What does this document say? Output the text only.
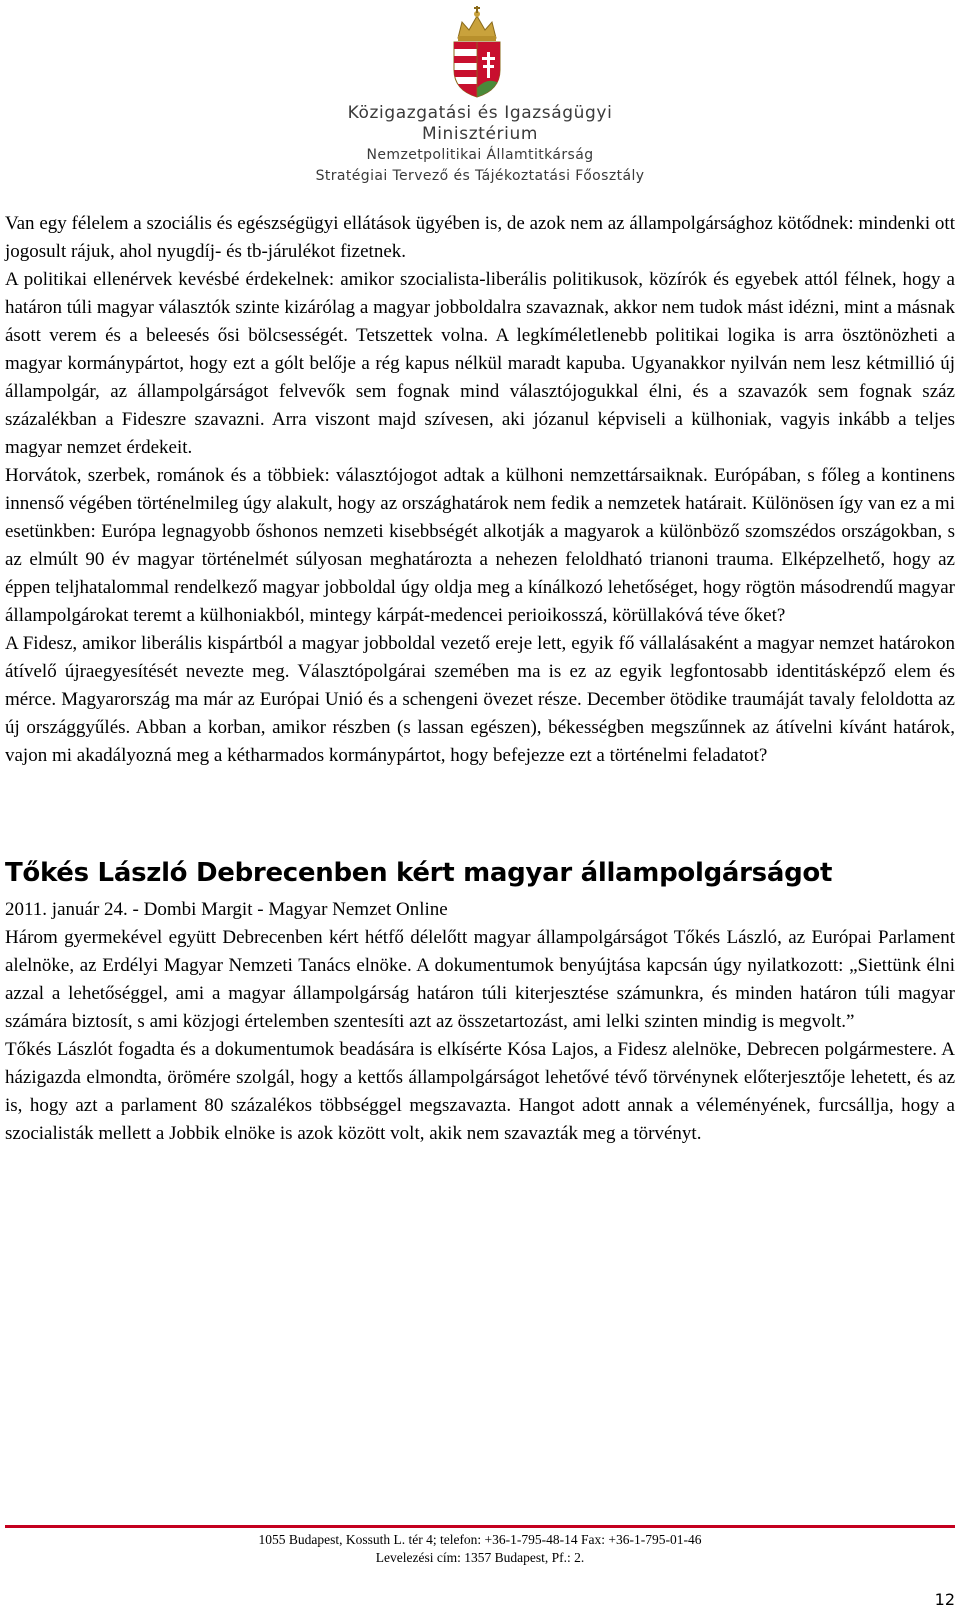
Közigazgatási és Igazságügyi
Minisztérium
Nemzetpolitikai Államtitkárság
Stratégiai Tervező és Tájékoztatási Főosztály

Van egy félelem a szociális és egészségügyi ellátások ügyében is, de azok nem az állampolgársághoz kötődnek: mindenki ott jogosult rájuk, ahol nyugdíj- és tb-járulékot fizetnek.

A politikai ellenérvek kevésbé érdekelnek: amikor szocialista-liberális politikusok, közírók és egyebek attól félnek, hogy a határon túli magyar választók szinte kizárólag a magyar jobboldalra szavaznak, akkor nem tudok mást idézni, mint a másnak ásott verem és a beleesés ősi bölcsességét. Tetszettek volna. A legkíméletlenebb politikai logika is arra ösztönözheti a magyar kormánypártot, hogy ezt a gólt belője a rég kapus nélkül maradt kapuba. Ugyanakkor nyilván nem lesz kétmillió új állampolgár, az állampolgárságot felvevők sem fognak mind választójogukkal élni, és a szavazók sem fognak száz százalékban a Fideszre szavazni. Arra viszont majd szívesen, aki józanul képviseli a külhoniak, vagyis inkább a teljes magyar nemzet érdekeit.

Horvátok, szerbek, románok és a többiek: választójogot adtak a külhoni nemzettársaiknak. Európában, s főleg a kontinens innenső végében történelmileg úgy alakult, hogy az országhatárok nem fedik a nemzetek határait. Különösen így van ez a mi esetünkben: Európa legnagyobb őshonos nemzeti kisebbségét alkotják a magyarok a különböző szomszédos országokban, s az elmúlt 90 év magyar történelmét súlyosan meghatározta a nehezen feloldható trianoni trauma. Elképzelhető, hogy az éppen teljhatalommal rendelkező magyar jobboldal úgy oldja meg a kínálkozó lehetőséget, hogy rögtön másodrendű magyar állampolgárokat teremt a külhoniakból, mintegy kárpát-medencei perioikosszá, körüllakóvá téve őket?

A Fidesz, amikor liberális kispártból a magyar jobboldal vezető ereje lett, egyik fő vállalásaként a magyar nemzet határokon átívelő újraegyesítését nevezte meg. Választópolgárai szemében ma is ez az egyik legfontosabb identitásképző elem és mérce. Magyarország ma már az Európai Unió és a schengeni övezet része. December ötödike traumáját tavaly feloldotta az új országgyűlés. Abban a korban, amikor részben (s lassan egészen), békességben megszűnnek az átívelni kívánt határok, vajon mi akadályozná meg a kétharmados kormánypártot, hogy befejezze ezt a történelmi feladatot?

Tőkés László Debrecenben kért magyar állampolgárságot

2011. január 24. - Dombi Margit - Magyar Nemzet Online

Három gyermekével együtt Debrecenben kért hétfő délelőtt magyar állampolgárságot Tőkés László, az Európai Parlament alelnöke, az Erdélyi Magyar Nemzeti Tanács elnöke. A dokumentumok benyújtása kapcsán úgy nyilatkozott: „Siettünk élni azzal a lehetőséggel, ami a magyar állampolgárság határon túli kiterjesztése számunkra, és minden határon túli magyar számára biztosít, s ami közjogi értelemben szentesíti azt az összetartozást, ami lelki szinten mindig is megvolt.”

Tőkés Lászlót fogadta és a dokumentumok beadására is elkísérte Kósa Lajos, a Fidesz alelnöke, Debrecen polgármestere. A házigazda elmondta, örömére szolgál, hogy a kettős állampolgárságot lehetővé tévő törvénynek előterjesztője lehetett, és az is, hogy azt a parlament 80 százalékos többséggel megszavazta. Hangot adott annak a véleményének, furcsállja, hogy a szocialisták mellett a Jobbik elnöke is azok között volt, akik nem szavazták meg a törvényt.

1055 Budapest, Kossuth L. tér 4; telefon: +36-1-795-48-14 Fax: +36-1-795-01-46
Levelezési cím: 1357 Budapest, Pf.: 2.
12
